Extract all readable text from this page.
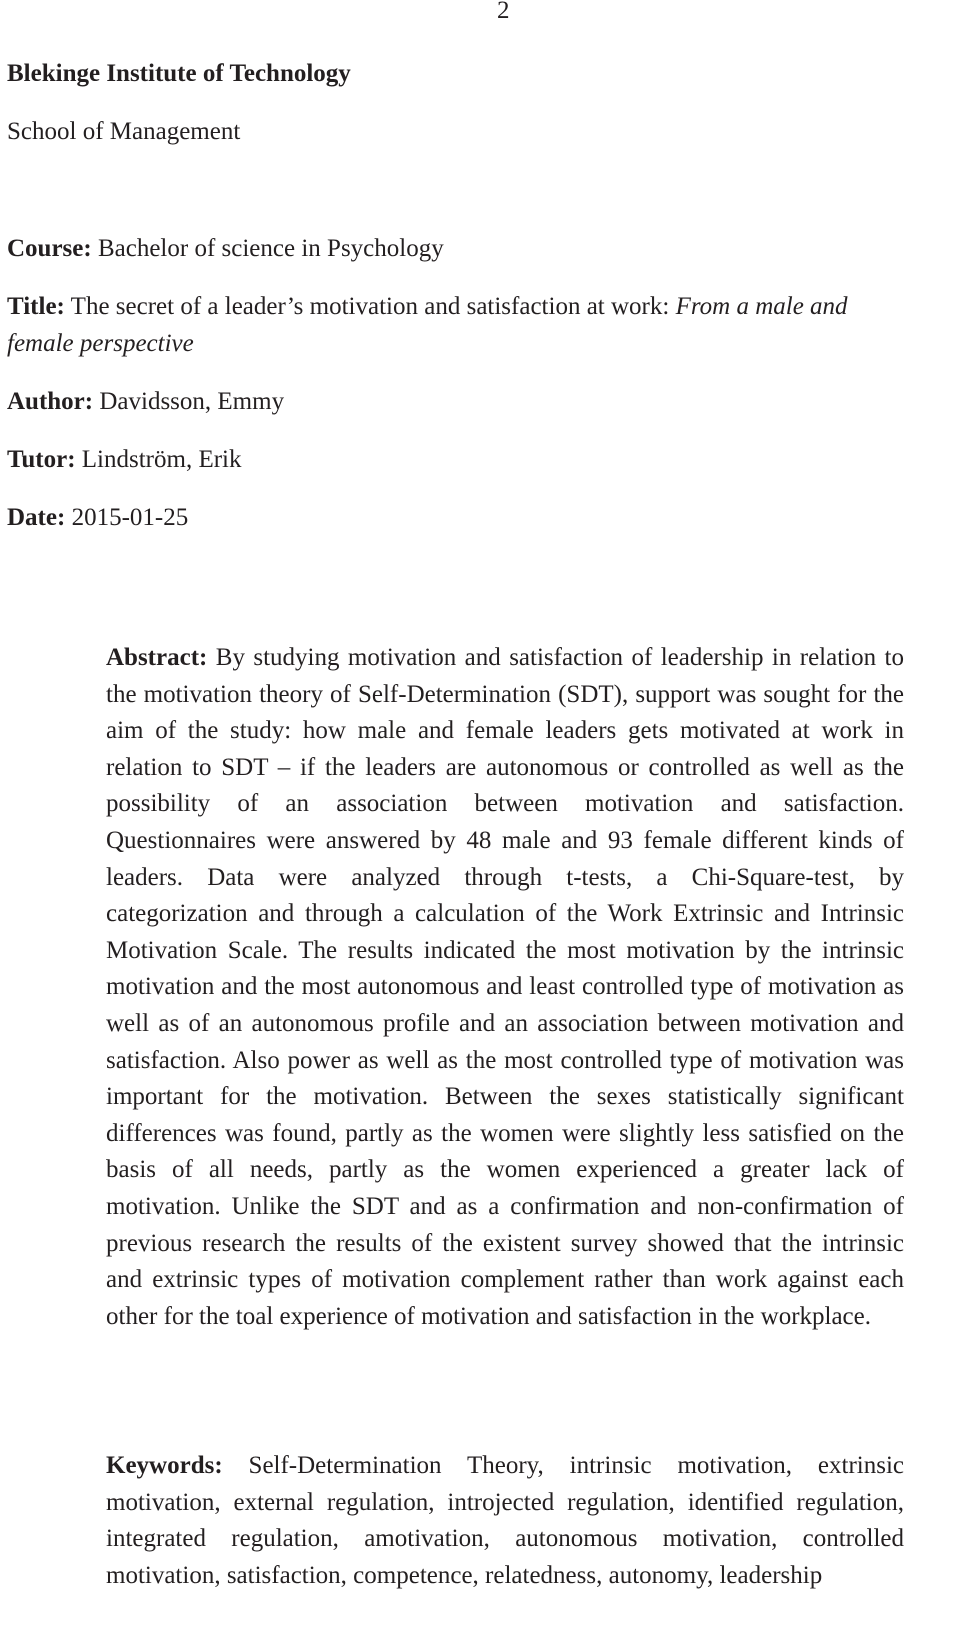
2
Blekinge Institute of Technology
School of Management
Course: Bachelor of science in Psychology
Title: The secret of a leader’s motivation and satisfaction at work: From a male and
female perspective
Author: Davidsson, Emmy
Tutor: Lindström, Erik
Date: 2015-01-25
Abstract: By studying motivation and satisfaction of leadership in relation to the motivation theory of Self-Determination (SDT), support was sought for the aim of the study: how male and female leaders gets motivated at work in relation to SDT – if the leaders are autonomous or controlled as well as the possibility of an association between motivation and satisfaction. Questionnaires were answered by 48 male and 93 female different kinds of leaders. Data were analyzed through t-tests, a Chi-Square-test, by categorization and through a calculation of the Work Extrinsic and Intrinsic Motivation Scale. The results indicated the most motivation by the intrinsic motivation and the most autonomous and least controlled type of motivation as well as of an autonomous profile and an association between motivation and satisfaction. Also power as well as the most controlled type of motivation was important for the motivation. Between the sexes statistically significant differences was found, partly as the women were slightly less satisfied on the basis of all needs, partly as the women experienced a greater lack of motivation. Unlike the SDT and as a confirmation and non-confirmation of previous research the results of the existent survey showed that the intrinsic and extrinsic types of motivation complement rather than work against each other for the toal experience of motivation and satisfaction in the workplace.
Keywords: Self-Determination Theory, intrinsic motivation, extrinsic motivation, external regulation, introjected regulation, identified regulation, integrated regulation, amotivation, autonomous motivation, controlled motivation, satisfaction, competence, relatedness, autonomy, leadership
